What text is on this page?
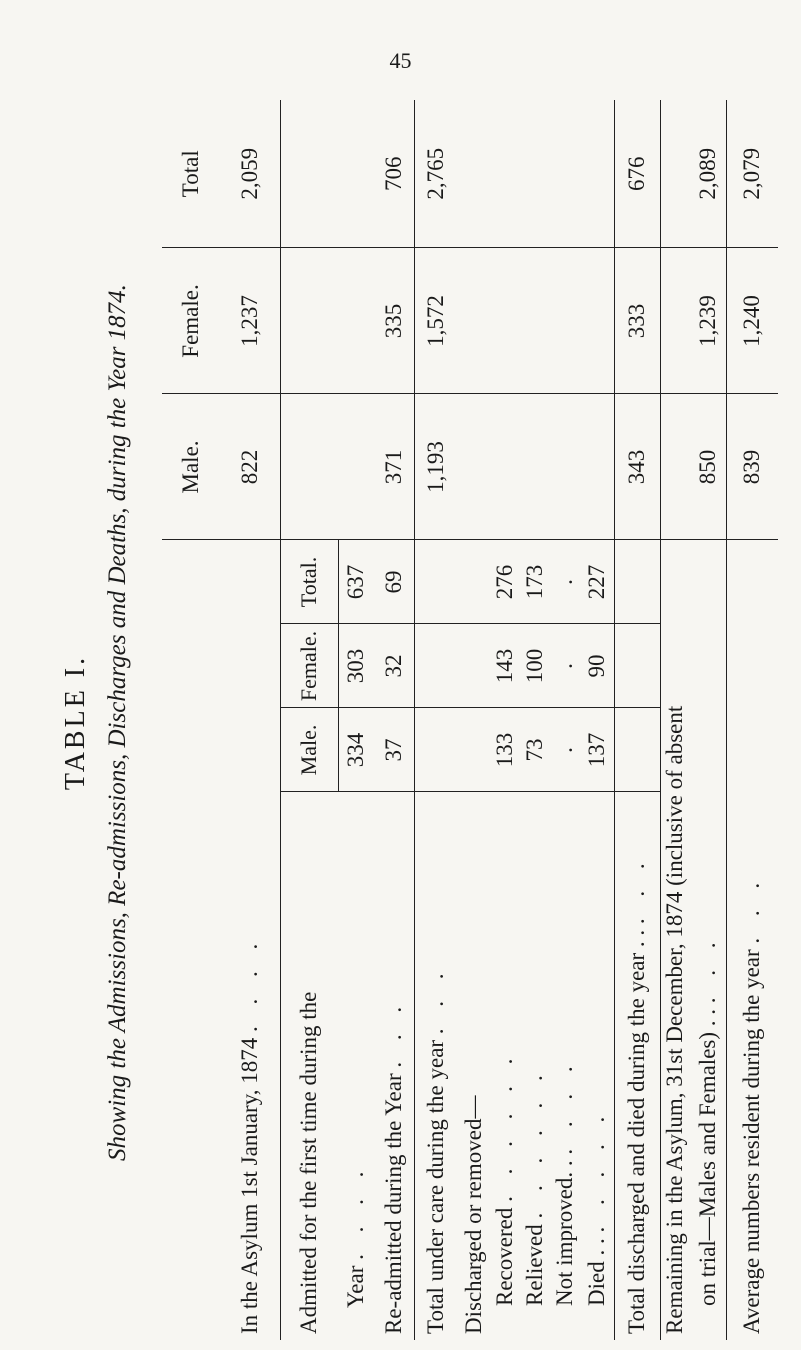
45
TABLE I. Showing the Admissions, Re-admissions, Discharges and Deaths, during the Year 1874.
				Male.	Female.	Total
In the Asylum 1st January, 1874 . . . .				822	1,237	2,059
Admitted for the first time during the	Male.	Female.	Total.			
Year . . . .	334	303	637			
Re-admitted during the Year . . .	37	32	69	371	335	706
Total under care during the year . . .				1,193	1,572	2,765
Discharged or removed—						
Recovered . . . . . .	133	143	276			
Relieved . . . . . .	73	100	173			
Not improved. . . . . .	.	.	.			
Died . . . . . . .	137	90	227			
Total discharged and died during the year . . . . .				343	333	676
Remaining in the Asylum, 31st December, 1874 (inclusive of absent						
on trial—Males and Females) . . . . .				850	1,239	2,089
Average numbers resident during the year . . .				839	1,240	2,079
